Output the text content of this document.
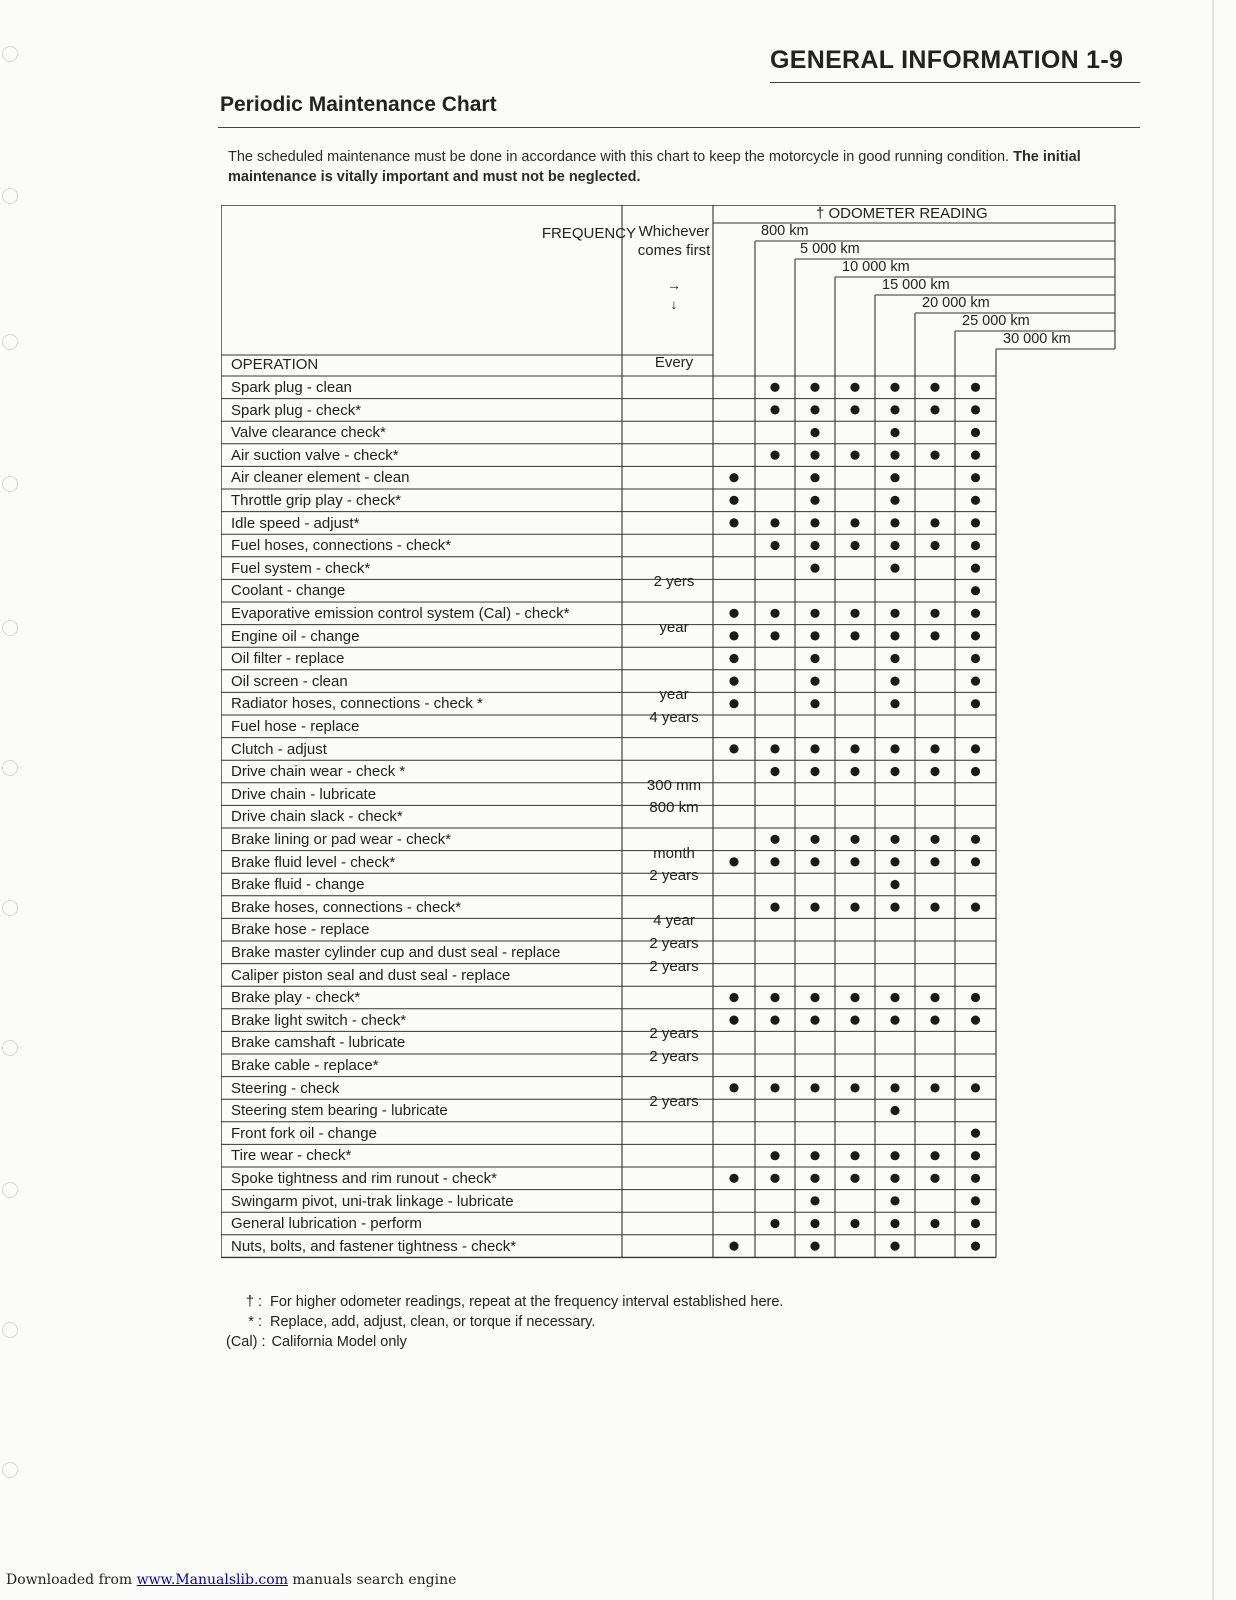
GENERAL INFORMATION 1-9
Periodic Maintenance Chart
The scheduled maintenance must be done in accordance with this chart to keep the motorcycle in good running condition. The initial maintenance is vitally important and must not be neglected.
FREQUENCY Whichever comes first
→
↓
OPERATION	Every
† ODOMETER READING
800 km
5 000 km
10 000 km
15 000 km
20 000 km
25 000 km
30 000 km
Spark plug - clean
Spark plug - check*
Valve clearance check*
Air suction valve - check*
Air cleaner element - clean
Throttle grip play - check*
Idle speed - adjust*
Fuel hoses, connections - check*
Fuel system - check*
Coolant - change
2 yers
Evaporative emission control system (Cal) - check*
Engine oil - change
year
Oil filter - replace
Oil screen - clean
Radiator hoses, connections - check *
year
Fuel hose - replace
4 years
Clutch - adjust
Drive chain wear - check *
Drive chain - lubricate
300 mm
Drive chain slack - check*
800 km
Brake lining or pad wear - check*
Brake fluid level - check*
month
Brake fluid - change
2 years
Brake hoses, connections - check*
Brake hose - replace
4 year
Brake master cylinder cup and dust seal - replace
2 years
Caliper piston seal and dust seal - replace
2 years
Brake play - check*
Brake light switch - check*
Brake camshaft - lubricate
2 years
Brake cable - replace*
2 years
Steering - check
Steering stem bearing - lubricate
2 years
Front fork oil - change
Tire wear - check*
Spoke tightness and rim runout - check*
Swingarm pivot, uni-trak linkage - lubricate
General lubrication - perform
Nuts, bolts, and fastener tightness - check*
† : For higher odometer readings, repeat at the frequency interval established here.
* : Replace, add, adjust, clean, or torque if necessary.
(Cal) : California Model only
Downloaded from www.Manualslib.com manuals search engine
